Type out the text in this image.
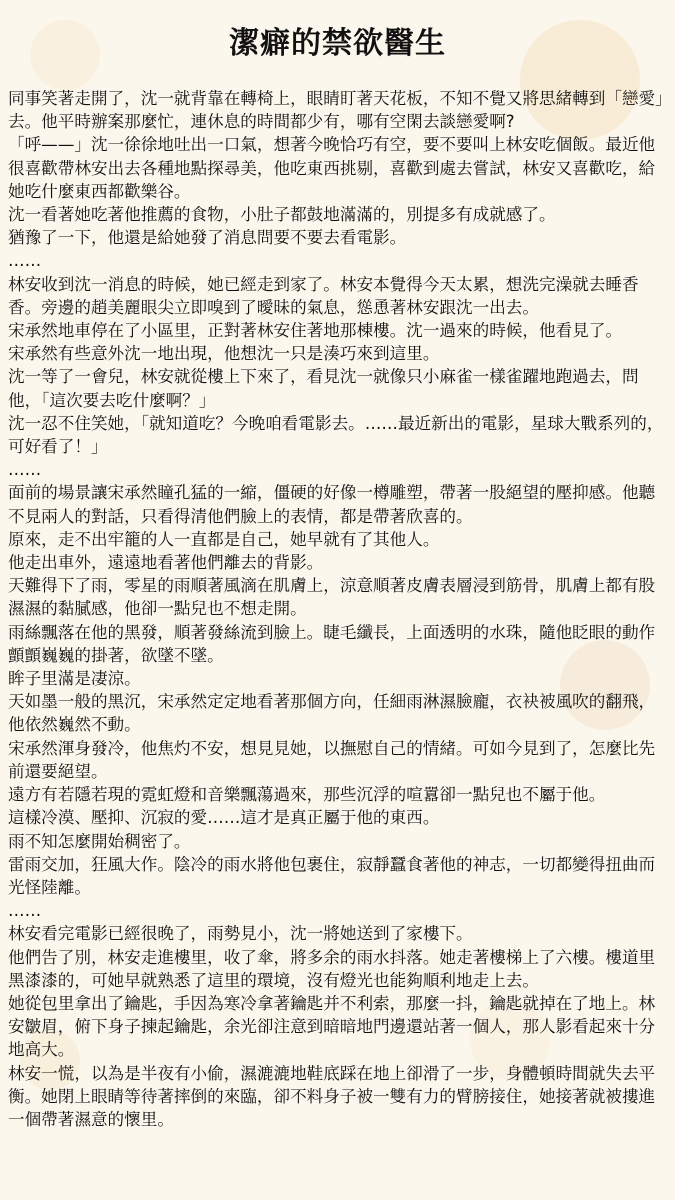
潔癖的禁欲醫生

同事笑著走開了，沈一就背靠在轉椅上，眼睛盯著天花板，不知不覺又將思緒轉到「戀愛」去。他平時辦案那麼忙，連休息的時間都少有，哪有空閑去談戀愛啊?

「呼——」沈一徐徐地吐出一口氣，想著今晚恰巧有空，要不要叫上林安吃個飯。最近他很喜歡帶林安出去各種地點探尋美，他吃東西挑剔，喜歡到處去嘗試，林安又喜歡吃，給她吃什麼東西都歡樂谷。

沈一看著她吃著他推薦的食物，小肚子都鼓地滿滿的，別提多有成就感了。

猶豫了一下，他還是給她發了消息問要不要去看電影。

……

林安收到沈一消息的時候，她已經走到家了。林安本覺得今天太累，想洗完澡就去睡香香。旁邊的趙美麗眼尖立即嗅到了曖昧的氣息，慫恿著林安跟沈一出去。

宋承然地車停在了小區里，正對著林安住著地那棟樓。沈一過來的時候，他看見了。

宋承然有些意外沈一地出現，他想沈一只是湊巧來到這里。

沈一等了一會兒，林安就從樓上下來了，看見沈一就像只小麻雀一樣雀躍地跑過去，問他，「這次要去吃什麼啊？」

沈一忍不住笑她，「就知道吃？今晚咱看電影去。……最近新出的電影，星球大戰系列的，可好看了！」

……

面前的場景讓宋承然瞳孔猛的一縮，僵硬的好像一樽雕塑，帶著一股絕望的壓抑感。他聽不見兩人的對話，只看得清他們臉上的表情，都是帶著欣喜的。

原來，走不出牢籠的人一直都是自己，她早就有了其他人。

他走出車外，遠遠地看著他們離去的背影。

天難得下了雨，零星的雨順著風滴在肌膚上，涼意順著皮膚表層浸到筋骨，肌膚上都有股濕濕的黏膩感，他卻一點兒也不想走開。

雨絲飄落在他的黑發，順著發絲流到臉上。睫毛纖長，上面透明的水珠，隨他眨眼的動作顫顫巍巍的掛著，欲墜不墜。

眸子里滿是凄涼。

天如墨一般的黑沉，宋承然定定地看著那個方向，任細雨淋濕臉龐，衣袂被風吹的翻飛，他依然巍然不動。

宋承然渾身發冷，他焦灼不安，想見見她，以撫慰自己的情緒。可如今見到了，怎麼比先前還要絕望。

遠方有若隱若現的霓虹燈和音樂飄蕩過來，那些沉浮的喧囂卻一點兒也不屬于他。

這樣冷漠、壓抑、沉寂的愛……這才是真正屬于他的東西。

雨不知怎麼開始稠密了。

雷雨交加，狂風大作。陰冷的雨水將他包裹住，寂靜蠶食著他的神志，一切都變得扭曲而光怪陸離。

……

林安看完電影已經很晚了，雨勢見小，沈一將她送到了家樓下。

他們告了別，林安走進樓里，收了傘，將多余的雨水抖落。她走著樓梯上了六樓。樓道里黑漆漆的，可她早就熟悉了這里的環境，沒有燈光也能夠順利地走上去。

她從包里拿出了鑰匙，手因為寒冷拿著鑰匙并不利索，那麼一抖，鑰匙就掉在了地上。林安皺眉，俯下身子揀起鑰匙，余光卻注意到暗暗地門邊還站著一個人，那人影看起來十分地高大。

林安一慌，以為是半夜有小偷，濕漉漉地鞋底踩在地上卻滑了一步，身體頓時間就失去平衡。她閉上眼睛等待著摔倒的來臨，卻不料身子被一雙有力的臂膀接住，她接著就被摟進一個帶著濕意的懷里。
